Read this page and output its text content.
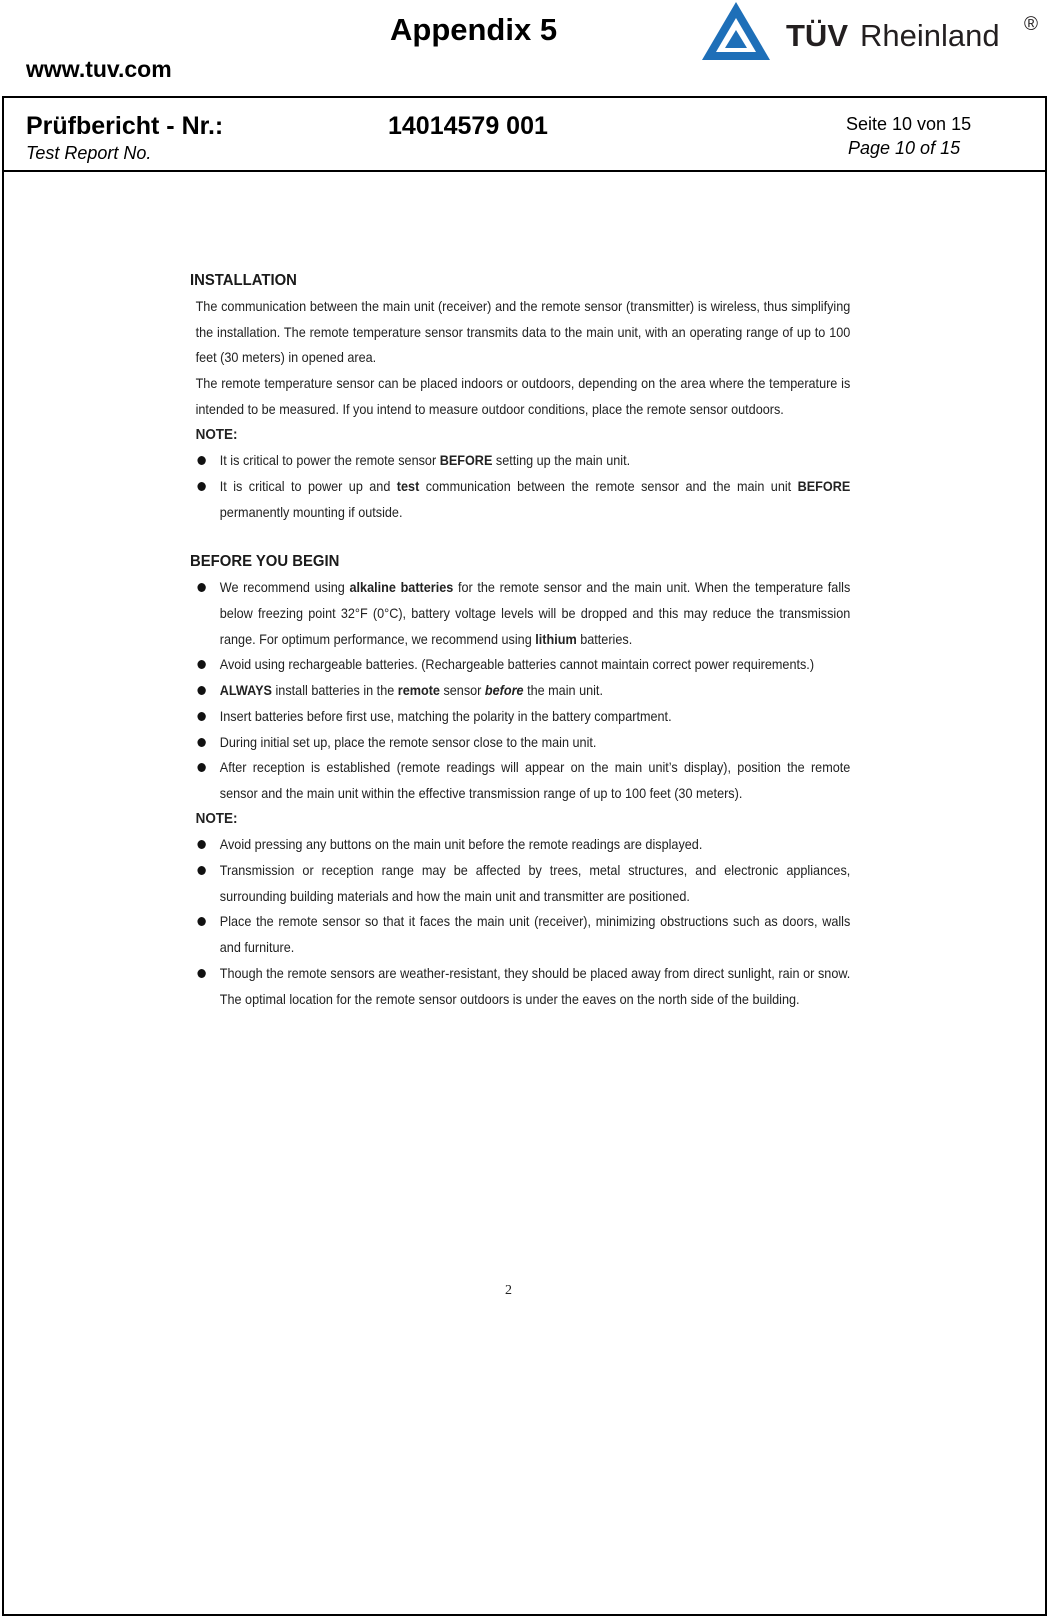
Appendix 5
www.tuv.com
TÜV Rheinland ®
Prüfbericht - Nr.:
Test Report No.
14014579 001	Seite 10 von 15
Page 10 of 15
INSTALLATION

The communication between the main unit (receiver) and the remote sensor (transmitter) is wireless, thus simplifying the installation. The remote temperature sensor transmits data to the main unit, with an operating range of up to 100 feet (30 meters) in opened area.

The remote temperature sensor can be placed indoors or outdoors, depending on the area where the temperature is intended to be measured. If you intend to measure outdoor conditions, place the remote sensor outdoors.

NOTE:
It is critical to power the remote sensor BEFORE setting up the main unit.
It is critical to power up and test communication between the remote sensor and the main unit BEFORE permanently mounting if outside.
BEFORE YOU BEGIN
We recommend using alkaline batteries for the remote sensor and the main unit. When the temperature falls below freezing point 32°F (0°C), battery voltage levels will be dropped and this may reduce the transmission range. For optimum performance, we recommend using lithium batteries.
Avoid using rechargeable batteries. (Rechargeable batteries cannot maintain correct power requirements.)
ALWAYS install batteries in the remote sensor before the main unit.
Insert batteries before first use, matching the polarity in the battery compartment.
During initial set up, place the remote sensor close to the main unit.
After reception is established (remote readings will appear on the main unit’s display), position the remote sensor and the main unit within the effective transmission range of up to 100 feet (30 meters).
NOTE:
Avoid pressing any buttons on the main unit before the remote readings are displayed.
Transmission or reception range may be affected by trees, metal structures, and electronic appliances, surrounding building materials and how the main unit and transmitter are positioned.
Place the remote sensor so that it faces the main unit (receiver), minimizing obstructions such as doors, walls and furniture.
Though the remote sensors are weather-resistant, they should be placed away from direct sunlight, rain or snow. The optimal location for the remote sensor outdoors is under the eaves on the north side of the building.
2
